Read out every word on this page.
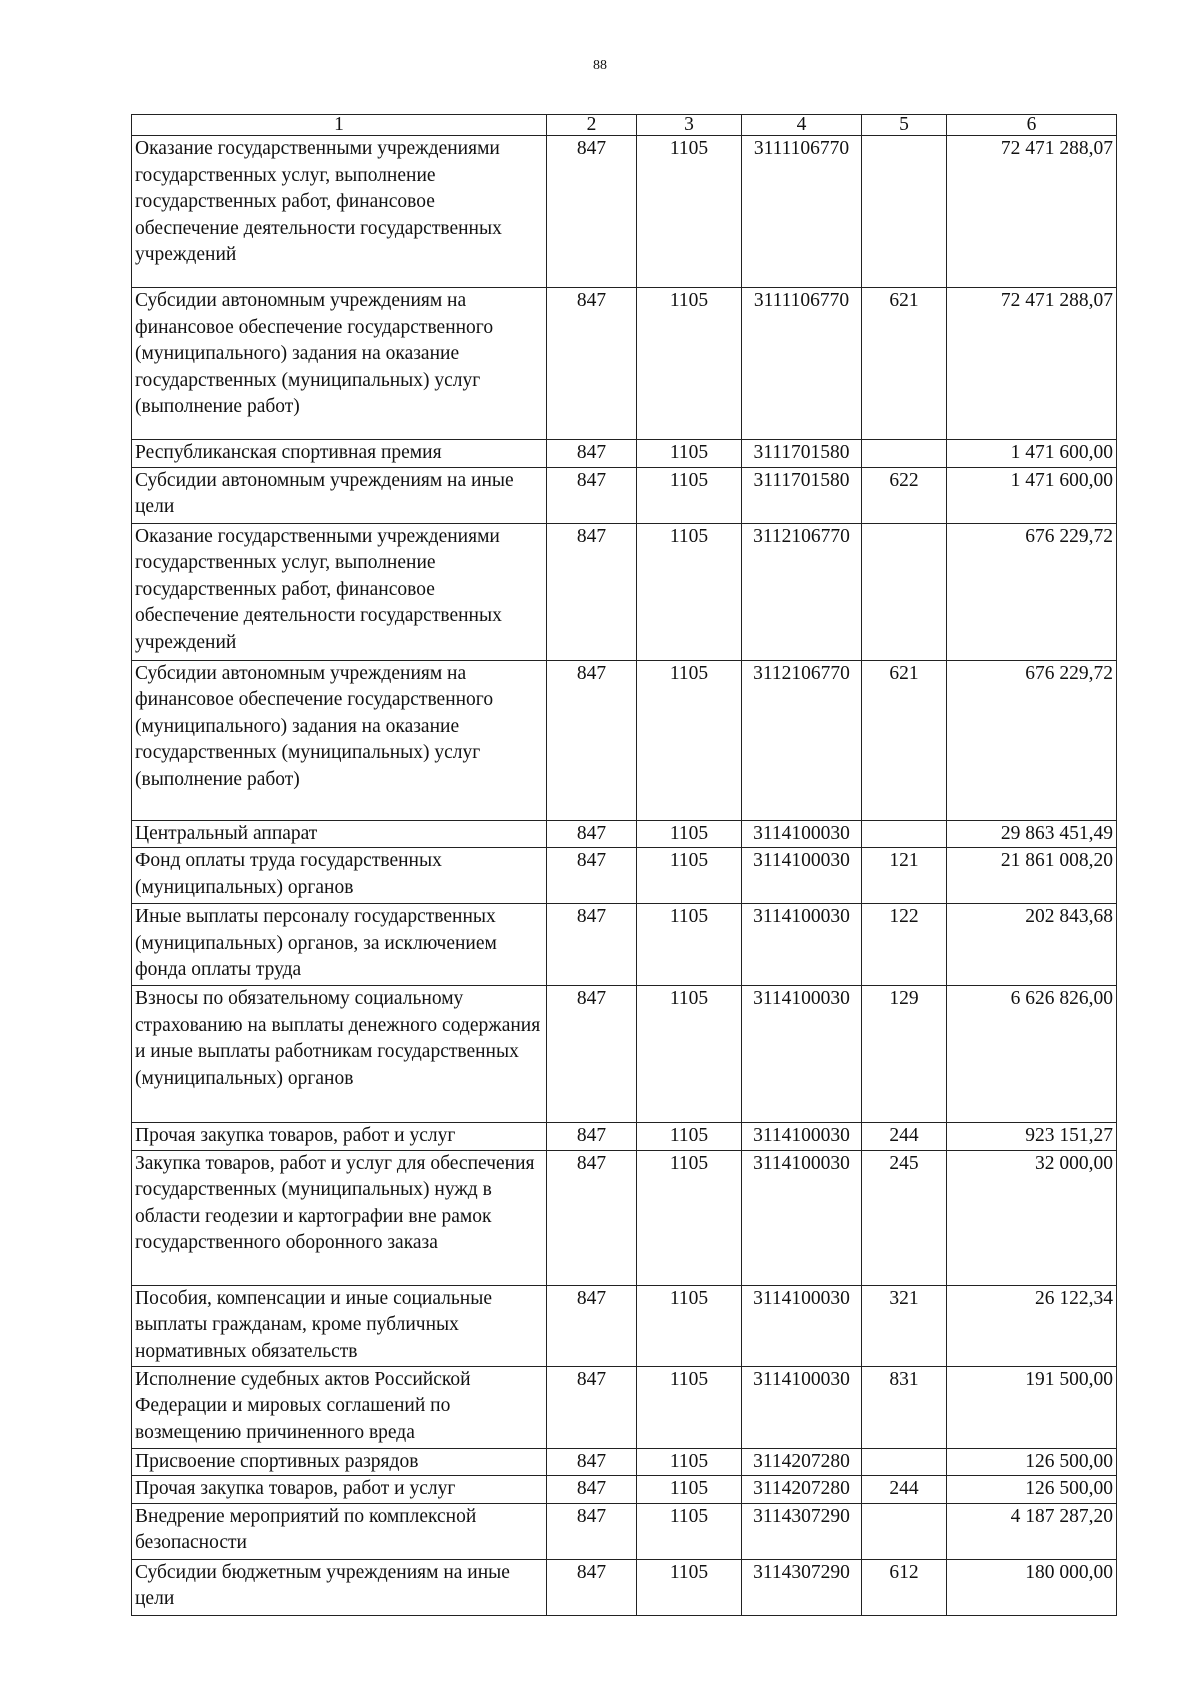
88
1	2	3	4	5	6
Оказание государственными учреждениями государственных услуг, выполнение государственных работ, финансовое обеспечение деятельности государственных учреждений	847	1105	3111106770		72 471 288,07
Субсидии автономным учреждениям на финансовое обеспечение государственного (муниципального) задания на оказание государственных (муниципальных) услуг (выполнение работ)	847	1105	3111106770	621	72 471 288,07
Республиканская спортивная премия	847	1105	3111701580		1 471 600,00
Субсидии автономным учреждениям на иные цели	847	1105	3111701580	622	1 471 600,00
Оказание государственными учреждениями государственных услуг, выполнение государственных работ, финансовое обеспечение деятельности государственных учреждений	847	1105	3112106770		676 229,72
Субсидии автономным учреждениям на финансовое обеспечение государственного (муниципального) задания на оказание государственных (муниципальных) услуг (выполнение работ)	847	1105	3112106770	621	676 229,72
Центральный аппарат	847	1105	3114100030		29 863 451,49
Фонд оплаты труда государственных (муниципальных) органов	847	1105	3114100030	121	21 861 008,20
Иные выплаты персоналу государственных (муниципальных) органов, за исключением фонда оплаты труда	847	1105	3114100030	122	202 843,68
Взносы по обязательному социальному страхованию на выплаты денежного содержания и иные выплаты работникам государственных (муниципальных) органов	847	1105	3114100030	129	6 626 826,00
Прочая закупка товаров, работ и услуг	847	1105	3114100030	244	923 151,27
Закупка товаров, работ и услуг для обеспечения государственных (муниципальных) нужд в области геодезии и картографии вне рамок государственного оборонного заказа	847	1105	3114100030	245	32 000,00
Пособия, компенсации и иные социальные выплаты гражданам, кроме публичных нормативных обязательств	847	1105	3114100030	321	26 122,34
Исполнение судебных актов Российской Федерации и мировых соглашений по возмещению причиненного вреда	847	1105	3114100030	831	191 500,00
Присвоение спортивных разрядов	847	1105	3114207280		126 500,00
Прочая закупка товаров, работ и услуг	847	1105	3114207280	244	126 500,00
Внедрение мероприятий по комплексной безопасности	847	1105	3114307290		4 187 287,20
Субсидии бюджетным учреждениям на иные цели	847	1105	3114307290	612	180 000,00
